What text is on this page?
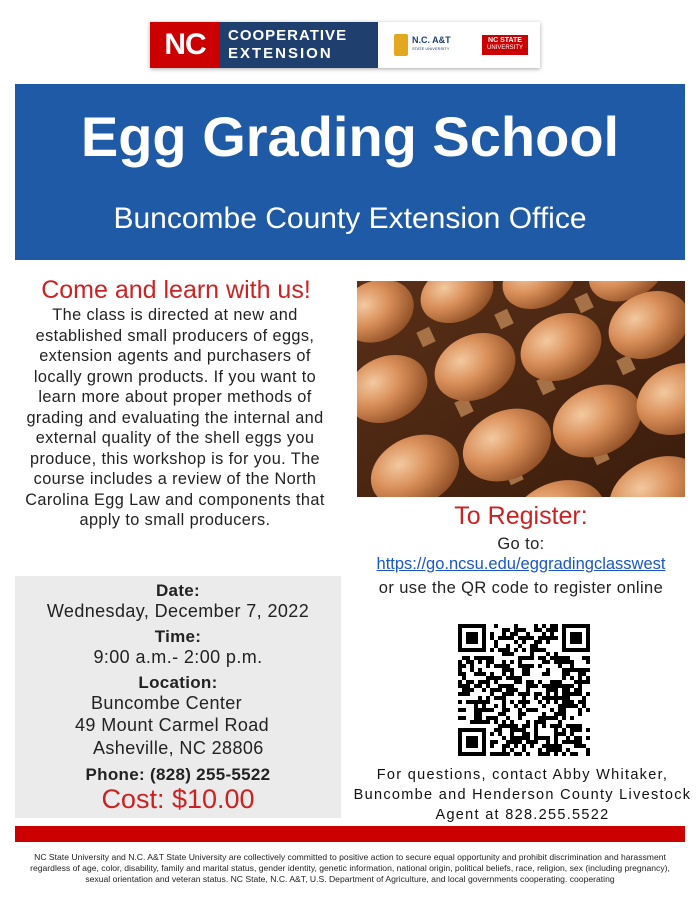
NC	COOPERATIVE
EXTENSION
N.C. A&T
STATE UNIVERSITY
NC STATE
UNIVERSITY
Egg Grading School
Buncombe County Extension Office
Come and learn with us!
The class is directed at new and established small producers of eggs, extension agents and purchasers of locally grown products. If you want to learn more about proper methods of grading and evaluating the internal and external quality of the shell eggs you produce, this workshop is for you. The course includes a review of the North Carolina Egg Law and components that apply to small producers.
Date:
Wednesday, December 7, 2022
Time:
9:00 a.m.- 2:00 p.m.
Location:
Buncombe Center
49 Mount Carmel Road
Asheville, NC 28806
Phone: (828) 255-5522
Cost: $10.00
To Register:
Go to:
https://go.ncsu.edu/eggradingclasswest
or use the QR code to register online
For questions, contact Abby Whitaker, Buncombe and Henderson County Livestock Agent at 828.255.5522
NC State University and N.C. A&T State University are collectively committed to positive action to secure equal opportunity and prohibit discrimination and harassment regardless of age, color, disability, family and marital status, gender identity, genetic information, national origin, political beliefs, race, religion, sex (including pregnancy), sexual orientation and veteran status. NC State, N.C. A&T, U.S. Department of Agriculture, and local governments cooperating. cooperating
